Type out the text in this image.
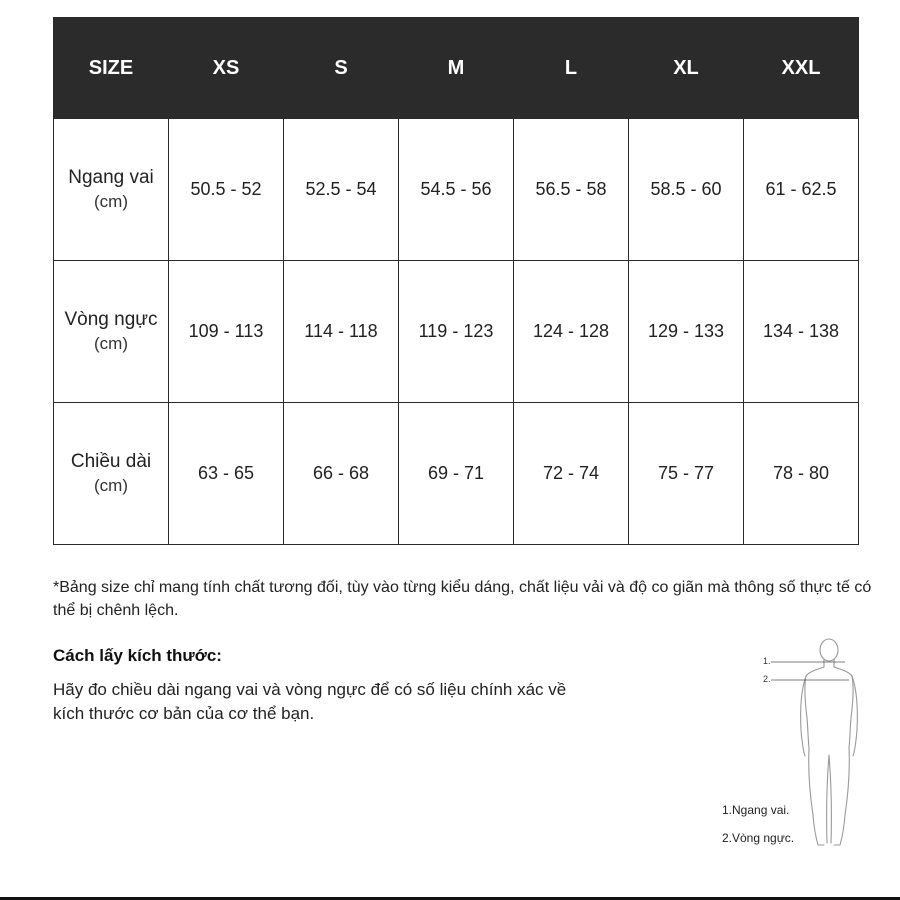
SIZE	XS	S	M	L	XL	XXL
Ngang vai
(cm)	50.5 - 52	52.5 - 54	54.5 - 56	56.5 - 58	58.5 - 60	61 - 62.5
Vòng ngực
(cm)	109 - 113	114 - 118	119 - 123	124 - 128	129 - 133	134 - 138
Chiều dài
(cm)	63 - 65	66 - 68	69 - 71	72 - 74	75 - 77	78 - 80
*Bảng size chỉ mang tính chất tương đối, tùy vào từng kiểu dáng, chất liệu vải và độ co giãn mà thông số thực tế có thể bị chênh lệch.
Cách lấy kích thước:
Hãy đo chiều dài ngang vai và vòng ngực để có số liệu chính xác về kích thước cơ bản của cơ thể bạn.
1.
2.
1.Ngang vai.
2.Vòng ngực.
